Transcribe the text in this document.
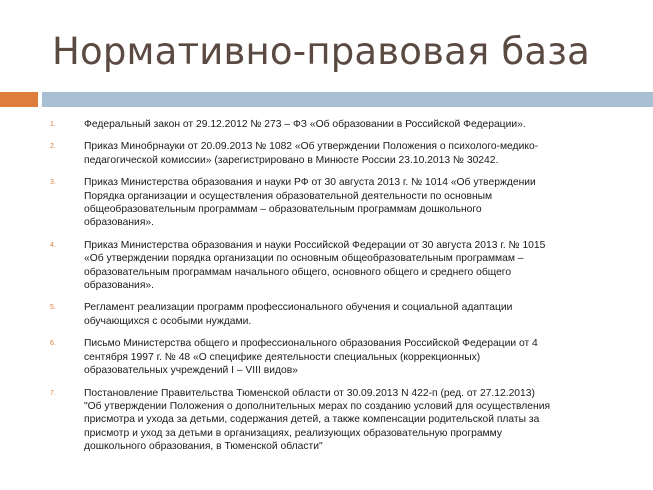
Нормативно-правовая база
1.	Федеральный закон от 29.12.2012 № 273 – ФЗ «Об образовании в Российской Федерации».
2.	Приказ Минобрнауки от 20.09.2013 № 1082 «Об утверждении Положения о психолого-медико-
педагогической комиссии» (зарегистрировано в Минюсте России 23.10.2013 № 30242.
3.	Приказ Министерства образования и науки РФ от 30 августа 2013 г. № 1014 «Об утверждении
Порядка организации и осуществления образовательной деятельности по основным
общеобразовательным программам – образовательным программам дошкольного
образования».
4.	Приказ Министерства образования и науки Российской Федерации от 30 августа 2013 г. № 1015
«Об утверждении порядка организации по основным общеобразовательным программам –
образовательным программам начального общего, основного общего и среднего общего
образования».
5.	Регламент реализации программ профессионального обучения и социальной адаптации
обучающихся с особыми нуждами.
6.	Письмо Министерства общего и профессионального образования Российской Федерации от 4
сентября 1997 г. № 48 «О специфике деятельности специальных (коррекционных)
образовательных учреждений I – VIII видов»
7.	Постановление Правительства Тюменской области от 30.09.2013 N 422-п (ред. от 27.12.2013)
"Об утверждении Положения о дополнительных мерах по созданию условий для осуществления
присмотра и ухода за детьми, содержания детей, а также компенсации родительской платы за
присмотр и уход за детьми в организациях, реализующих образовательную программу
дошкольного образования, в Тюменской области"
